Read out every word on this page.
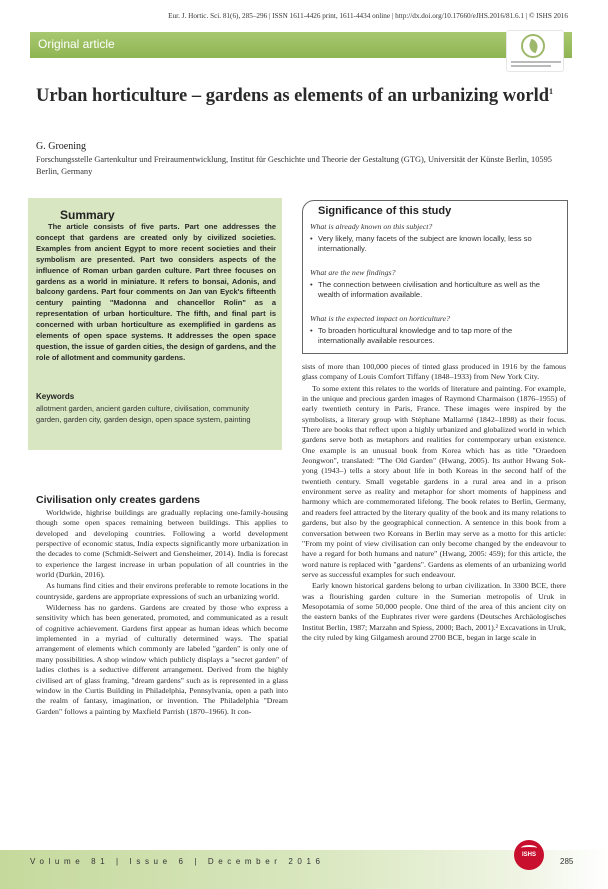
Eur. J. Hortic. Sci. 81(6), 285–296 | ISSN 1611-4426 print, 1611-4434 online | http://dx.doi.org/10.17660/eJHS.2016/81.6.1 | © ISHS 2016
Original article
Urban horticulture – gardens as elements of an urbanizing world$^1$
G. Groening
Forschungsstelle Gartenkultur und Freiraumentwicklung, Institut für Geschichte und Theorie der Gestaltung (GTG), Universität der Künste Berlin, 10595 Berlin, Germany
Summary
The article consists of five parts. Part one addresses the concept that gardens are created only by civilized societies. Examples from ancient Egypt to more recent societies and their symbolism are presented. Part two considers aspects of the influence of Roman urban garden culture. Part three focuses on gardens as a world in miniature. It refers to bonsai, Adonis, and balcony gardens. Part four comments on Jan van Eyck's fifteenth century painting "Madonna and chancellor Rolin" as a representation of urban horticulture. The fifth, and final part is concerned with urban horticulture as exemplified in gardens as elements of open space systems. It addresses the open space question, the issue of garden cities, the design of gardens, and the role of allotment and community gardens.
Keywords
allotment garden, ancient garden culture, civilisation, community garden, garden city, garden design, open space system, painting
Significance of this study
What is already known on this subject?
• Very likely, many facets of the subject are known locally, less so internationally.
What are the new findings?
• The connection between civilisation and horticulture as well as the wealth of information available.
What is the expected impact on horticulture?
• To broaden horticultural knowledge and to tap more of the internationally available resources.
Civilisation only creates gardens

Worldwide, highrise buildings are gradually replacing one-family-housing though some open spaces remaining between buildings. This applies to developed and developing countries. Following a world development perspective of economic status, India expects significantly more urbanization in the decades to come (Schmidt-Seiwert and Gensheimer, 2014). India is forecast to experience the largest increase in urban population of all countries in the world (Durkin, 2016).

As humans find cities and their environs preferable to remote locations in the countryside, gardens are appropriate expressions of such an urbanizing world.

Wilderness has no gardens. Gardens are created by those who express a sensitivity which has been generated, promoted, and communicated as a result of cognitive achievement. Gardens first appear as human ideas which become implemented in a myriad of culturally determined ways. The spatial arrangement of elements which commonly are labeled "garden" is only one of many possibilities. A shop window which publicly displays a "secret garden" of ladies clothes is a seductive different arrangement. Derived from the highly civilised art of glass framing, "dream gardens" such as is represented in a glass window in the Curtis Building in Philadelphia, Pennsylvania, open a path into the realm of fantasy, imagination, or invention. The Philadelphia "Dream Garden" follows a painting by Maxfield Parrish (1870–1966). It con-

sists of more than 100,000 pieces of tinted glass produced in 1916 by the famous glass company of Louis Comfort Tiffany (1848–1933) from New York City.

To some extent this relates to the worlds of literature and painting. For example, in the unique and precious garden images of Raymond Charmaison (1876–1955) of early twentieth century in Paris, France. These images were inspired by the symbolists, a literary group with Stéphane Mallarmé (1842–1898) as their focus. There are books that reflect upon a highly urbanized and globalized world in which gardens serve both as metaphors and realities for contemporary urban existence. One example is an unusual book from Korea which has as title "Oraedoen Jeongwon", translated: "The Old Garden" (Hwang, 2005). Its author Hwang Sok-yong (1943–) tells a story about life in both Koreas in the second half of the twentieth century. Small vegetable gardens in a rural area and in a prison environment serve as reality and metaphor for short moments of happiness and harmony which are commemorated lifelong. The book relates to Berlin, Germany, and readers feel attracted by the literary quality of the book and its many relations to gardens, but also by the geographical connection. A sentence in this book from a conversation between two Koreans in Berlin may serve as a motto for this article: "From my point of view civilisation can only become changed by the endeavour to have a regard for both humans and nature" (Hwang, 2005: 459); for this article, the word nature is replaced with "gardens". Gardens as elements of an urbanizing world serve as successful examples for such endeavour.

Early known historical gardens belong to urban civilization. In 3300 BCE, there was a flourishing garden culture in the Sumerian metropolis of Uruk in Mesopotamia of some 50,000 people. One third of the area of this ancient city on the eastern banks of the Euphrates river were gardens (Deutsches Archäologisches Institut Berlin, 1987; Marzahn and Spiess, 2000; Bach, 2001).² Excavations in Uruk, the city ruled by king Gilgamesh around 2700 BCE, began in large scale in

Volume 81 | Issue 6 | December 2016
ISHS
285
